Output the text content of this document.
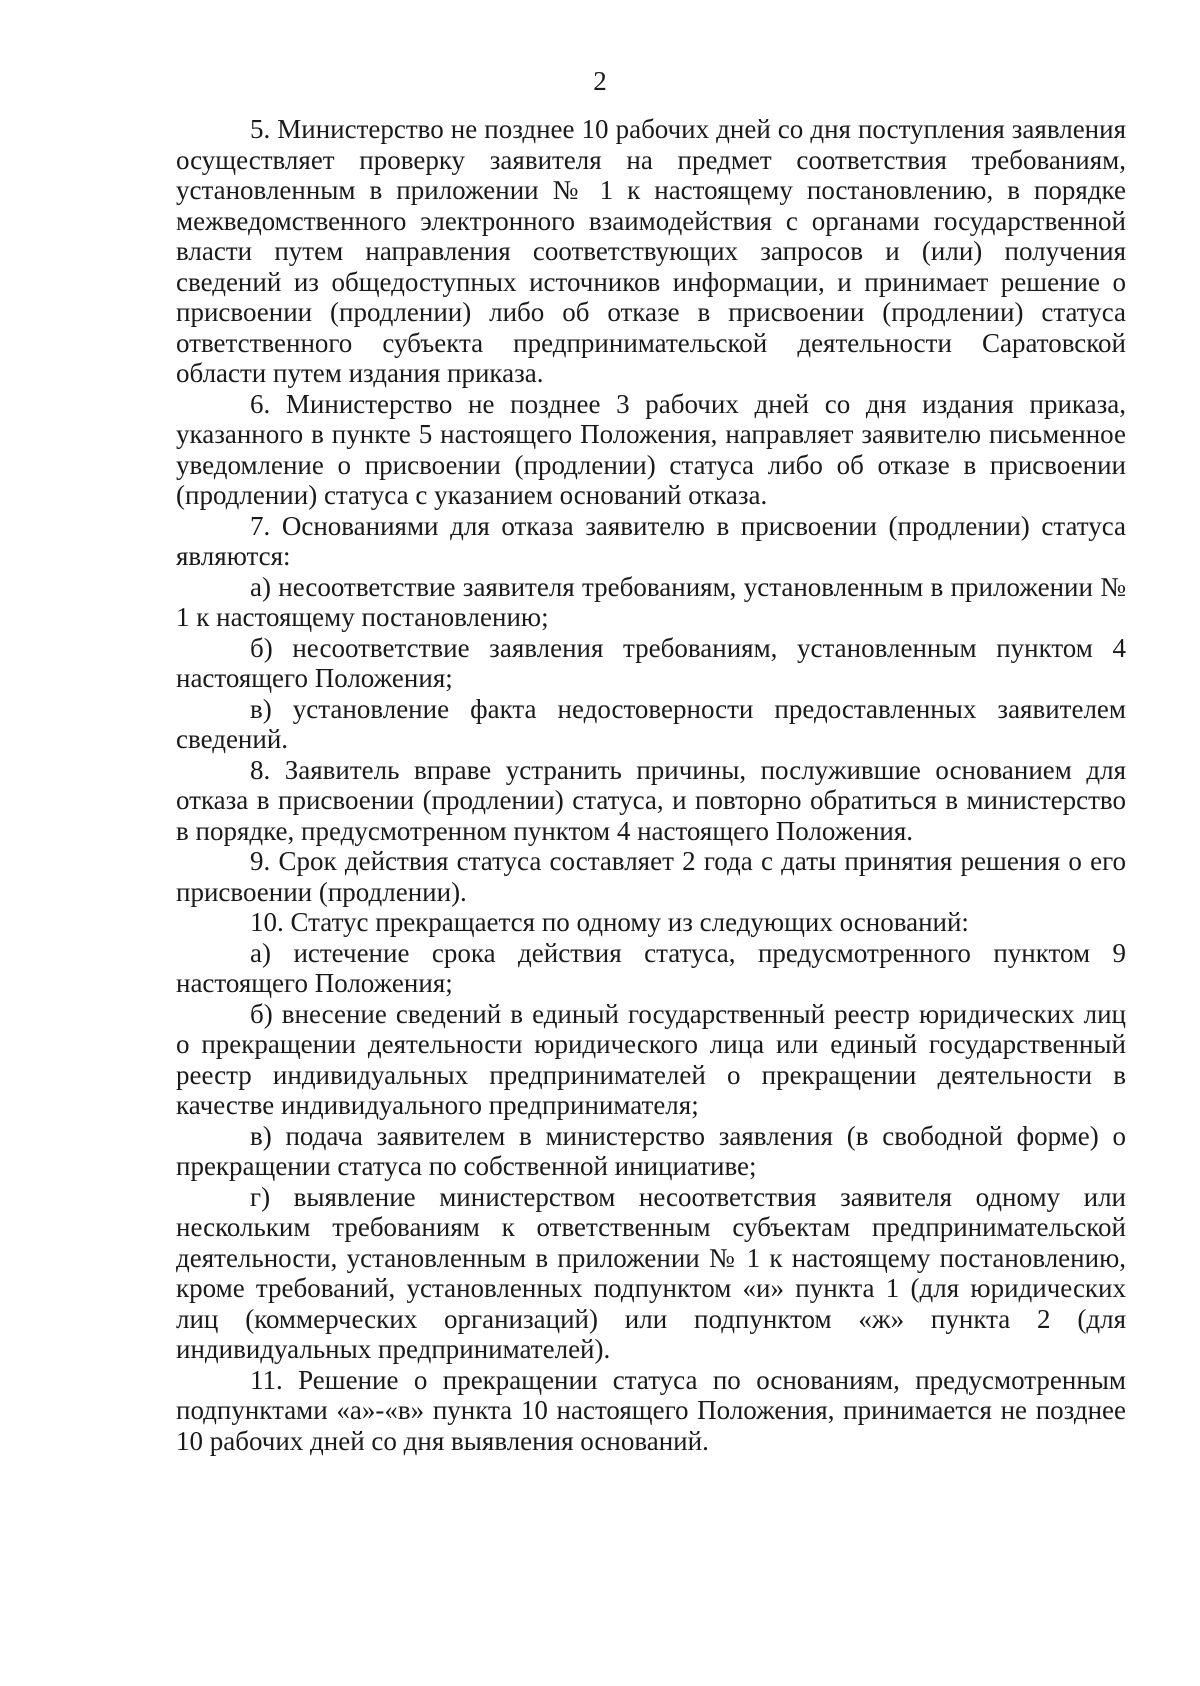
2

5. Министерство не позднее 10 рабочих дней со дня поступления заявления осуществляет проверку заявителя на предмет соответствия требованиям, установленным в приложении № 1 к настоящему постановлению, в порядке межведомственного электронного взаимодействия с органами государственной власти путем направления соответствующих запросов и (или) получения сведений из общедоступных источников информации, и принимает решение о присвоении (продлении) либо об отказе в присвоении (продлении) статуса ответственного субъекта предпринимательской деятельности Саратовской области путем издания приказа.

6. Министерство не позднее 3 рабочих дней со дня издания приказа, указанного в пункте 5 настоящего Положения, направляет заявителю письменное уведомление о присвоении (продлении) статуса либо об отказе в присвоении (продлении) статуса с указанием оснований отказа.

7. Основаниями для отказа заявителю в присвоении (продлении) статуса являются:

а) несоответствие заявителя требованиям, установленным в приложении № 1 к настоящему постановлению;

б) несоответствие заявления требованиям, установленным пунктом 4 настоящего Положения;

в) установление факта недостоверности предоставленных заявителем сведений.

8. Заявитель вправе устранить причины, послужившие основанием для отказа в присвоении (продлении) статуса, и повторно обратиться в министерство в порядке, предусмотренном пунктом 4 настоящего Положения.

9. Срок действия статуса составляет 2 года с даты принятия решения о его присвоении (продлении).

10. Статус прекращается по одному из следующих оснований:

а) истечение срока действия статуса, предусмотренного пунктом 9 настоящего Положения;

б) внесение сведений в единый государственный реестр юридических лиц о прекращении деятельности юридического лица или единый государственный реестр индивидуальных предпринимателей о прекращении деятельности в качестве индивидуального предпринимателя;

в) подача заявителем в министерство заявления (в свободной форме) о прекращении статуса по собственной инициативе;

г) выявление министерством несоответствия заявителя одному или нескольким требованиям к ответственным субъектам предпринимательской деятельности, установленным в приложении № 1 к настоящему постановлению, кроме требований, установленных подпунктом «и» пункта 1 (для юридических лиц (коммерческих организаций) или подпунктом «ж» пункта 2 (для индивидуальных предпринимателей).

11. Решение о прекращении статуса по основаниям, предусмотренным подпунктами «а»-«в» пункта 10 настоящего Положения, принимается не позднее 10 рабочих дней со дня выявления оснований.
